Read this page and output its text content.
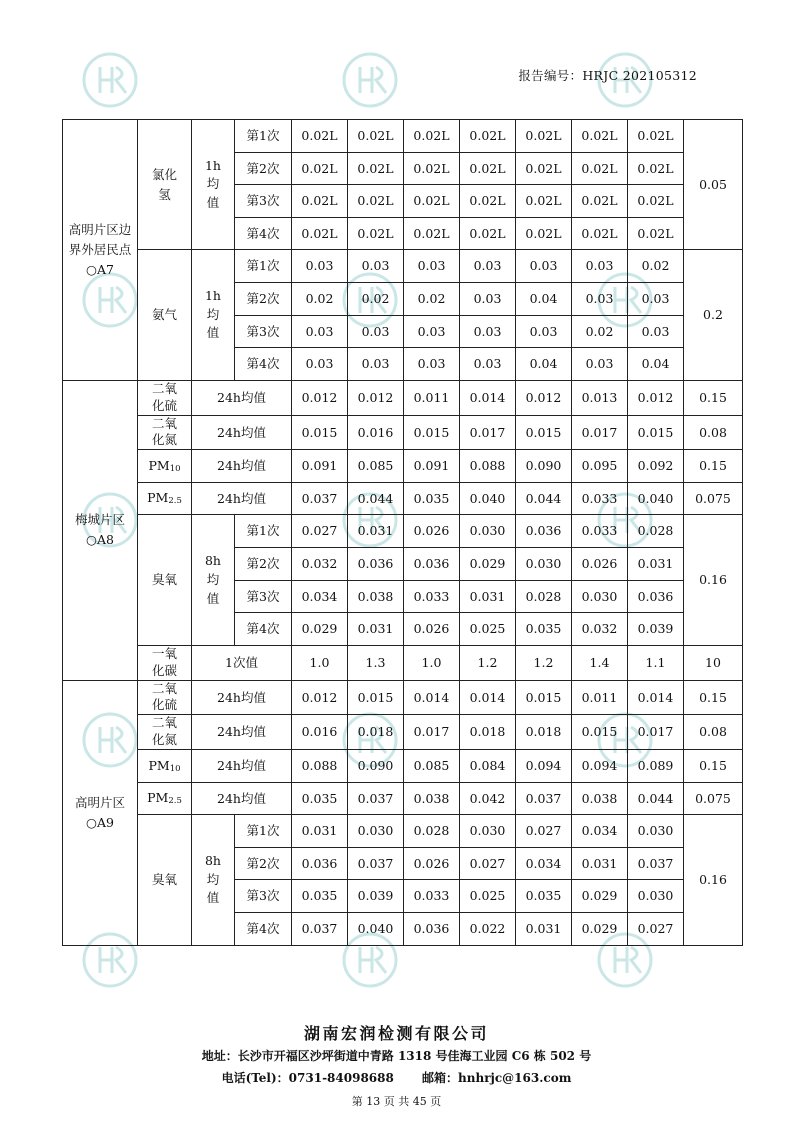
报告编号：HRJC 202105312
高明片区边界外居民点○A7	氯化氢	1h均值	第1次	0.02L	0.02L	0.02L	0.02L	0.02L	0.02L	0.02L	0.05
			第2次	0.02L	0.02L	0.02L	0.02L	0.02L	0.02L	0.02L	
			第3次	0.02L	0.02L	0.02L	0.02L	0.02L	0.02L	0.02L	
			第4次	0.02L	0.02L	0.02L	0.02L	0.02L	0.02L	0.02L	
	氨气	1h均值	第1次	0.03	0.03	0.03	0.03	0.03	0.03	0.02	0.2
			第2次	0.02	0.02	0.02	0.03	0.04	0.03	0.03	
			第3次	0.03	0.03	0.03	0.03	0.03	0.02	0.03	
			第4次	0.03	0.03	0.03	0.03	0.04	0.03	0.04	
梅城片区○A8	二氧化硫	24h均值		0.012	0.012	0.011	0.014	0.012	0.013	0.012	0.15
	二氧化氮	24h均值		0.015	0.016	0.015	0.017	0.015	0.017	0.015	0.08
	$PM_{10}$	24h均值		0.091	0.085	0.091	0.088	0.090	0.095	0.092	0.15
	$PM_{2.5}$	24h均值		0.037	0.044	0.035	0.040	0.044	0.033	0.040	0.075
	臭氧	8h均值	第1次	0.027	0.031	0.026	0.030	0.036	0.033	0.028	0.16
			第2次	0.032	0.036	0.036	0.029	0.030	0.026	0.031	
			第3次	0.034	0.038	0.033	0.031	0.028	0.030	0.036	
			第4次	0.029	0.031	0.026	0.025	0.035	0.032	0.039	
	一氧化碳	1次值		1.0	1.3	1.0	1.2	1.2	1.4	1.1	10
高明片区○A9	二氧化硫	24h均值		0.012	0.015	0.014	0.014	0.015	0.011	0.014	0.15
	二氧化氮	24h均值		0.016	0.018	0.017	0.018	0.018	0.015	0.017	0.08
	$PM_{10}$	24h均值		0.088	0.090	0.085	0.084	0.094	0.094	0.089	0.15
	$PM_{2.5}$	24h均值		0.035	0.037	0.038	0.042	0.037	0.038	0.044	0.075
	臭氧	8h均值	第1次	0.031	0.030	0.028	0.030	0.027	0.034	0.030	0.16
			第2次	0.036	0.037	0.026	0.027	0.034	0.031	0.037	
			第3次	0.035	0.039	0.033	0.025	0.035	0.029	0.030	
			第4次	0.037	0.040	0.036	0.022	0.031	0.029	0.027	
湖南宏润检测有限公司
地址：长沙市开福区沙坪街道中青路 1318 号佳海工业园 C6 栋 502 号
电话(Tel)：0731-84098688 邮箱：hnhrjc@163.com
第 13 页 共 45 页
